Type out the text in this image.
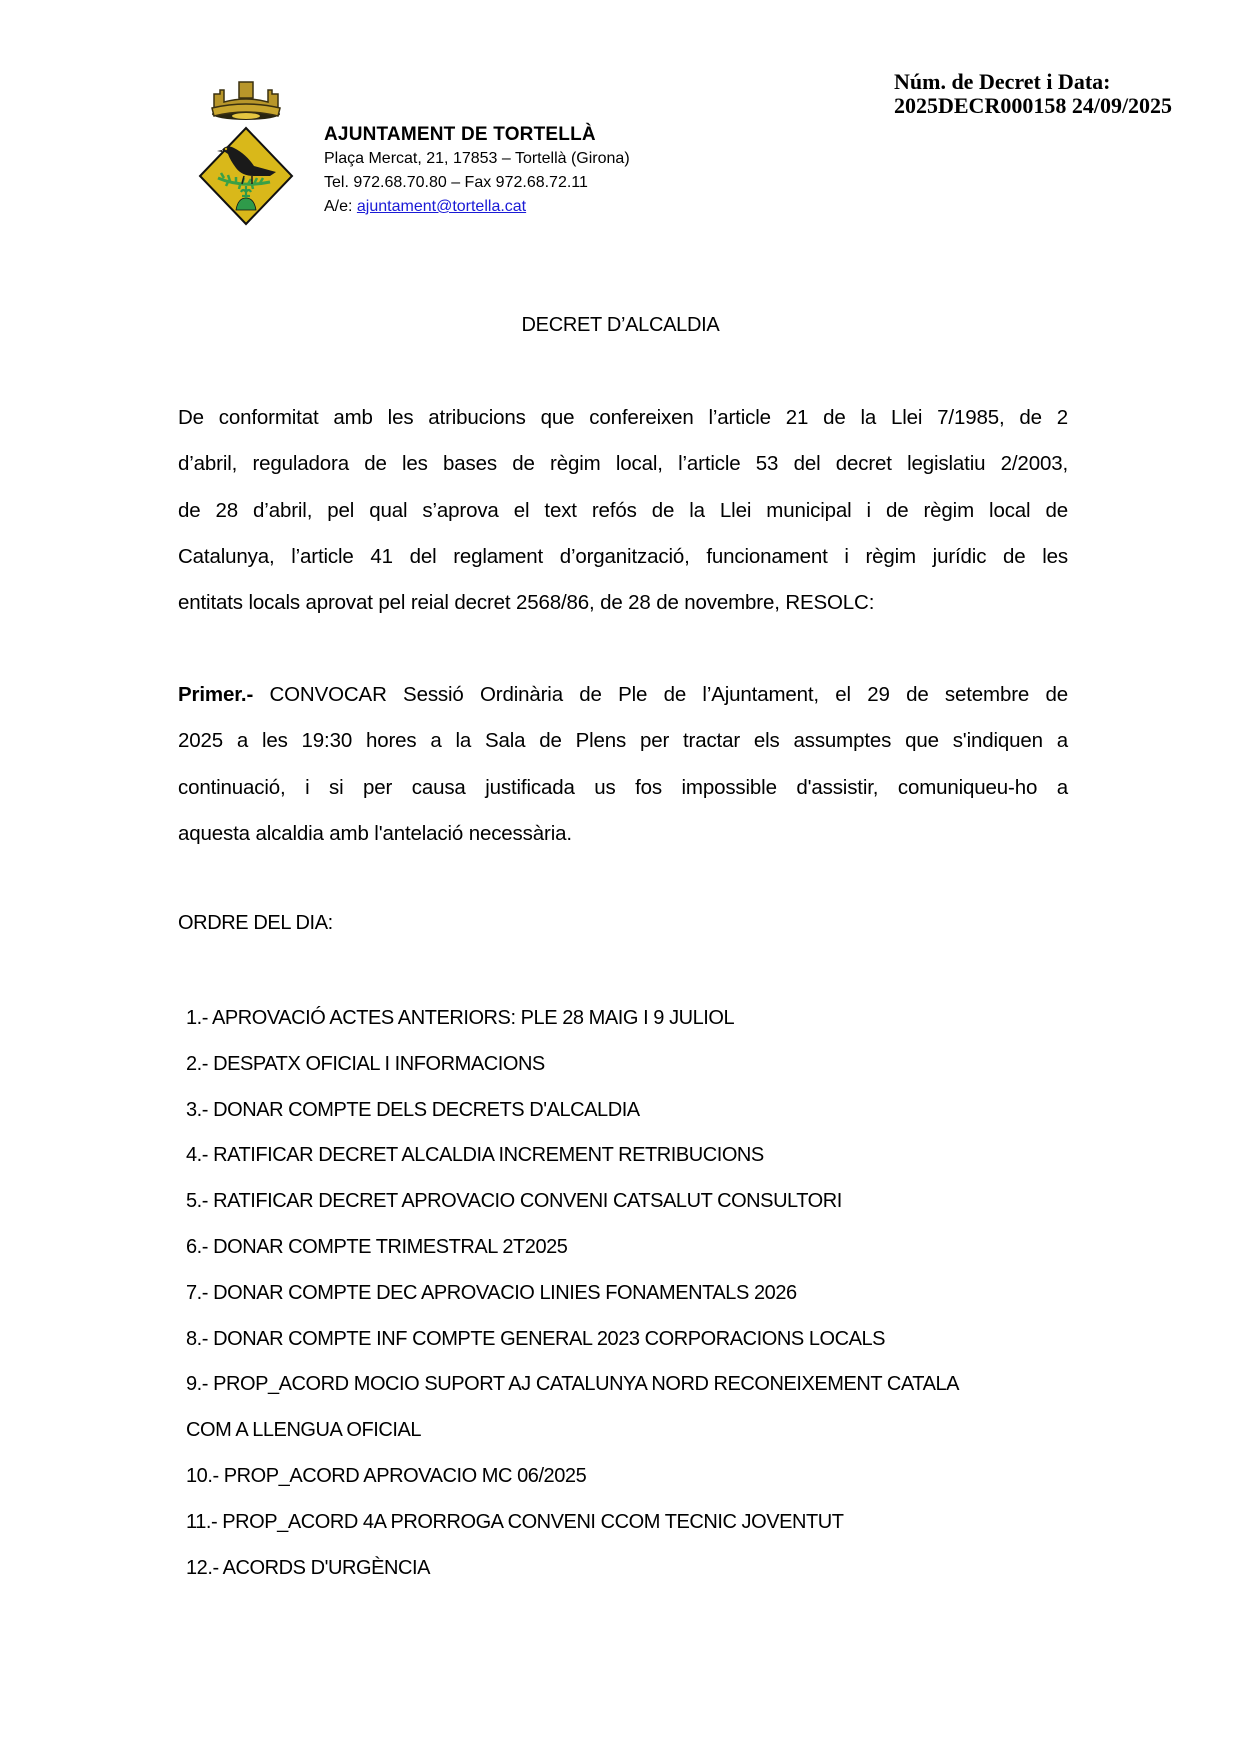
AJUNTAMENT DE TORTELLÀ
Plaça Mercat, 21, 17853 – Tortellà (Girona)
Tel. 972.68.70.80 – Fax 972.68.72.11
A/e: ajuntament@tortella.cat
Núm. de Decret i Data:
2025DECR000158 24/09/2025
DECRET D’ALCALDIA
De conformitat amb les atribucions que confereixen l’article 21 de la Llei 7/1985, de 2
d’abril, reguladora de les bases de règim local, l’article 53 del decret legislatiu 2/2003,
de 28 d’abril, pel qual s’aprova el text refós de la Llei municipal i de règim local de
Catalunya, l’article 41 del reglament d’organització, funcionament i règim jurídic de les
entitats locals aprovat pel reial decret 2568/86, de 28 de novembre, RESOLC:
Primer.- CONVOCAR Sessió Ordinària de Ple de l’Ajuntament, el 29 de setembre de
2025 a les 19:30 hores a la Sala de Plens per tractar els assumptes que s'indiquen a
continuació, i si per causa justificada us fos impossible d'assistir, comuniqueu-ho a
aquesta alcaldia amb l'antelació necessària.
ORDRE DEL DIA:
1.- APROVACIÓ ACTES ANTERIORS: PLE 28 MAIG I 9 JULIOL
2.- DESPATX OFICIAL I INFORMACIONS
3.- DONAR COMPTE DELS DECRETS D'ALCALDIA
4.- RATIFICAR DECRET ALCALDIA INCREMENT RETRIBUCIONS
5.- RATIFICAR DECRET APROVACIO CONVENI CATSALUT CONSULTORI
6.- DONAR COMPTE TRIMESTRAL 2T2025
7.- DONAR COMPTE DEC APROVACIO LINIES FONAMENTALS 2026
8.- DONAR COMPTE INF COMPTE GENERAL 2023 CORPORACIONS LOCALS
9.- PROP_ACORD MOCIO SUPORT AJ CATALUNYA NORD RECONEIXEMENT CATALA
COM A LLENGUA OFICIAL
10.- PROP_ACORD APROVACIO MC 06/2025
11.- PROP_ACORD 4A PRORROGA CONVENI CCOM TECNIC JOVENTUT
12.- ACORDS D'URGÈNCIA
